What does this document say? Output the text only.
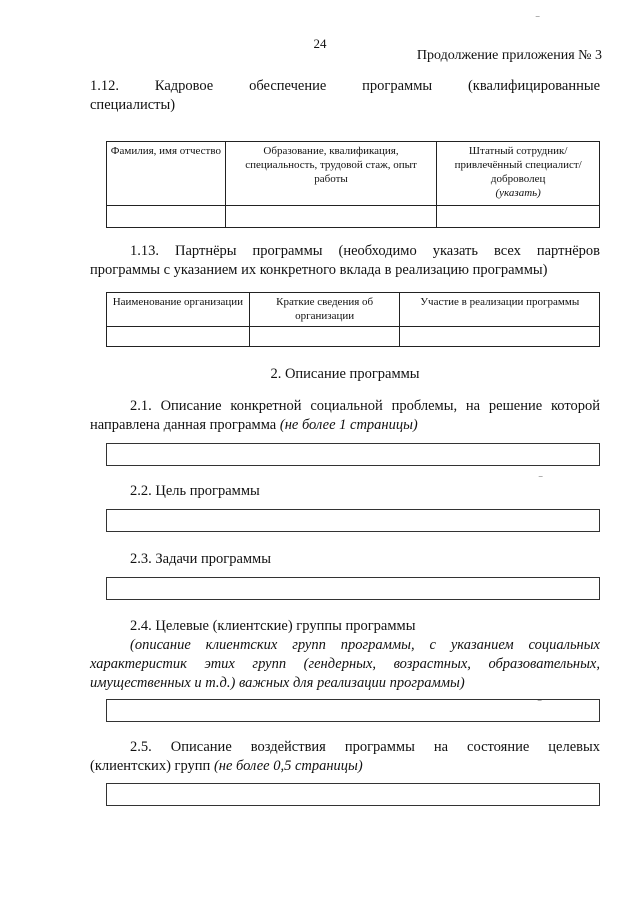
24
Продолжение приложения № 3
1.12. Кадровое обеспечение программы (квалифицированные
специалисты)
Фамилия, имя отчество	Образование, квалификация, специальность, трудовой стаж, опыт работы	Штатный сотрудник/ привлечённый специалист/ доброволец
(указать)

1.13. Партнёры программы (необходимо указать всех партнёров
программы с указанием их конкретного вклада в реализацию программы)
Наименование организации	Краткие сведения об организации	Участие в реализации программы

2. Описание программы
2.1. Описание конкретной социальной проблемы, на решение которой
направлена данная программа (не более 1 страницы)
2.2. Цель программы
2.3. Задачи программы
2.4. Целевые (клиентские) группы программы
(описание клиентских групп программы, с указанием социальных
характеристик этих групп (гендерных, возрастных, образовательных,
имущественных и т.д.) важных для реализации программы)
2.5. Описание воздействия программы на состояние целевых
(клиентских) групп (не более 0,5 страницы)
⁻
⁻
⁻
